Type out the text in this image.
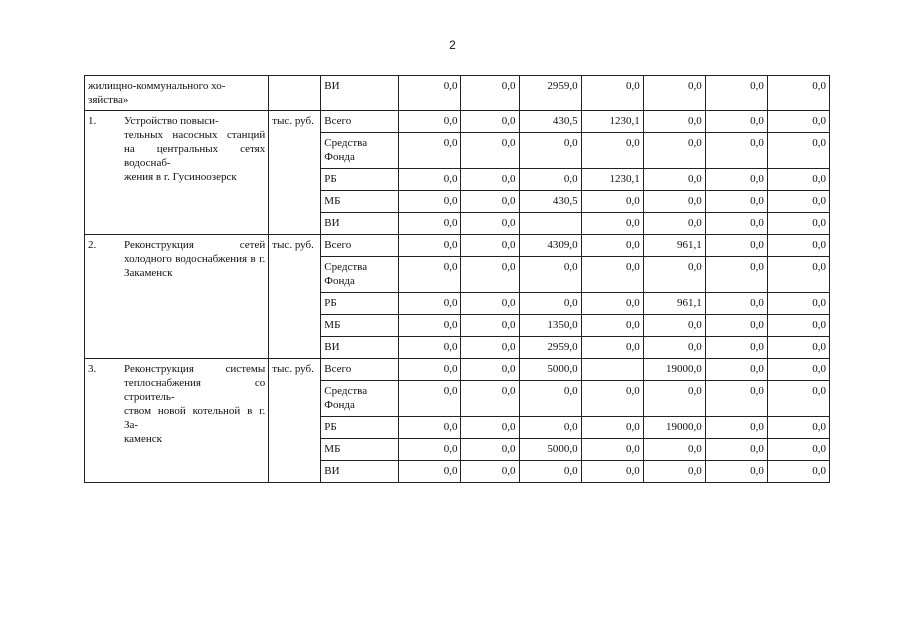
2
жилищно-коммунального хо-
зяйства»		ВИ	0,0	0,0	2959,0	0,0	0,0	0,0	0,0

1. Устройство повыси-
тельных насосных станций на центральных сетях водоснаб-
жения в г. Гусиноозерск	тыс. руб.	Всего	0,0	0,0	430,5	1230,1	0,0	0,0	0,0
		Средства Фонда	0,0	0,0	0,0	0,0	0,0	0,0	0,0
		РБ	0,0	0,0	0,0	1230,1	0,0	0,0	0,0
		МБ	0,0	0,0	430,5	0,0	0,0	0,0	0,0
		ВИ	0,0	0,0		0,0	0,0	0,0	0,0

2. Реконструкция сетей холодного водоснабжения в г. Закаменск	тыс. руб.	Всего	0,0	0,0	4309,0	0,0	961,1	0,0	0,0
		Средства Фонда	0,0	0,0	0,0	0,0	0,0	0,0	0,0
		РБ	0,0	0,0	0,0	0,0	961,1	0,0	0,0
		МБ	0,0	0,0	1350,0	0,0	0,0	0,0	0,0
		ВИ	0,0	0,0	2959,0	0,0	0,0	0,0	0,0

3. Реконструкция системы теплоснабжения со строитель-
ством новой котельной в г. За-
каменск	тыс. руб.	Всего	0,0	0,0	5000,0		19000,0	0,0	0,0
		Средства Фонда	0,0	0,0	0,0	0,0	0,0	0,0	0,0
		РБ	0,0	0,0	0,0	0,0	19000,0	0,0	0,0
		МБ	0,0	0,0	5000,0	0,0	0,0	0,0	0,0
		ВИ	0,0	0,0	0,0	0,0	0,0	0,0	0,0
